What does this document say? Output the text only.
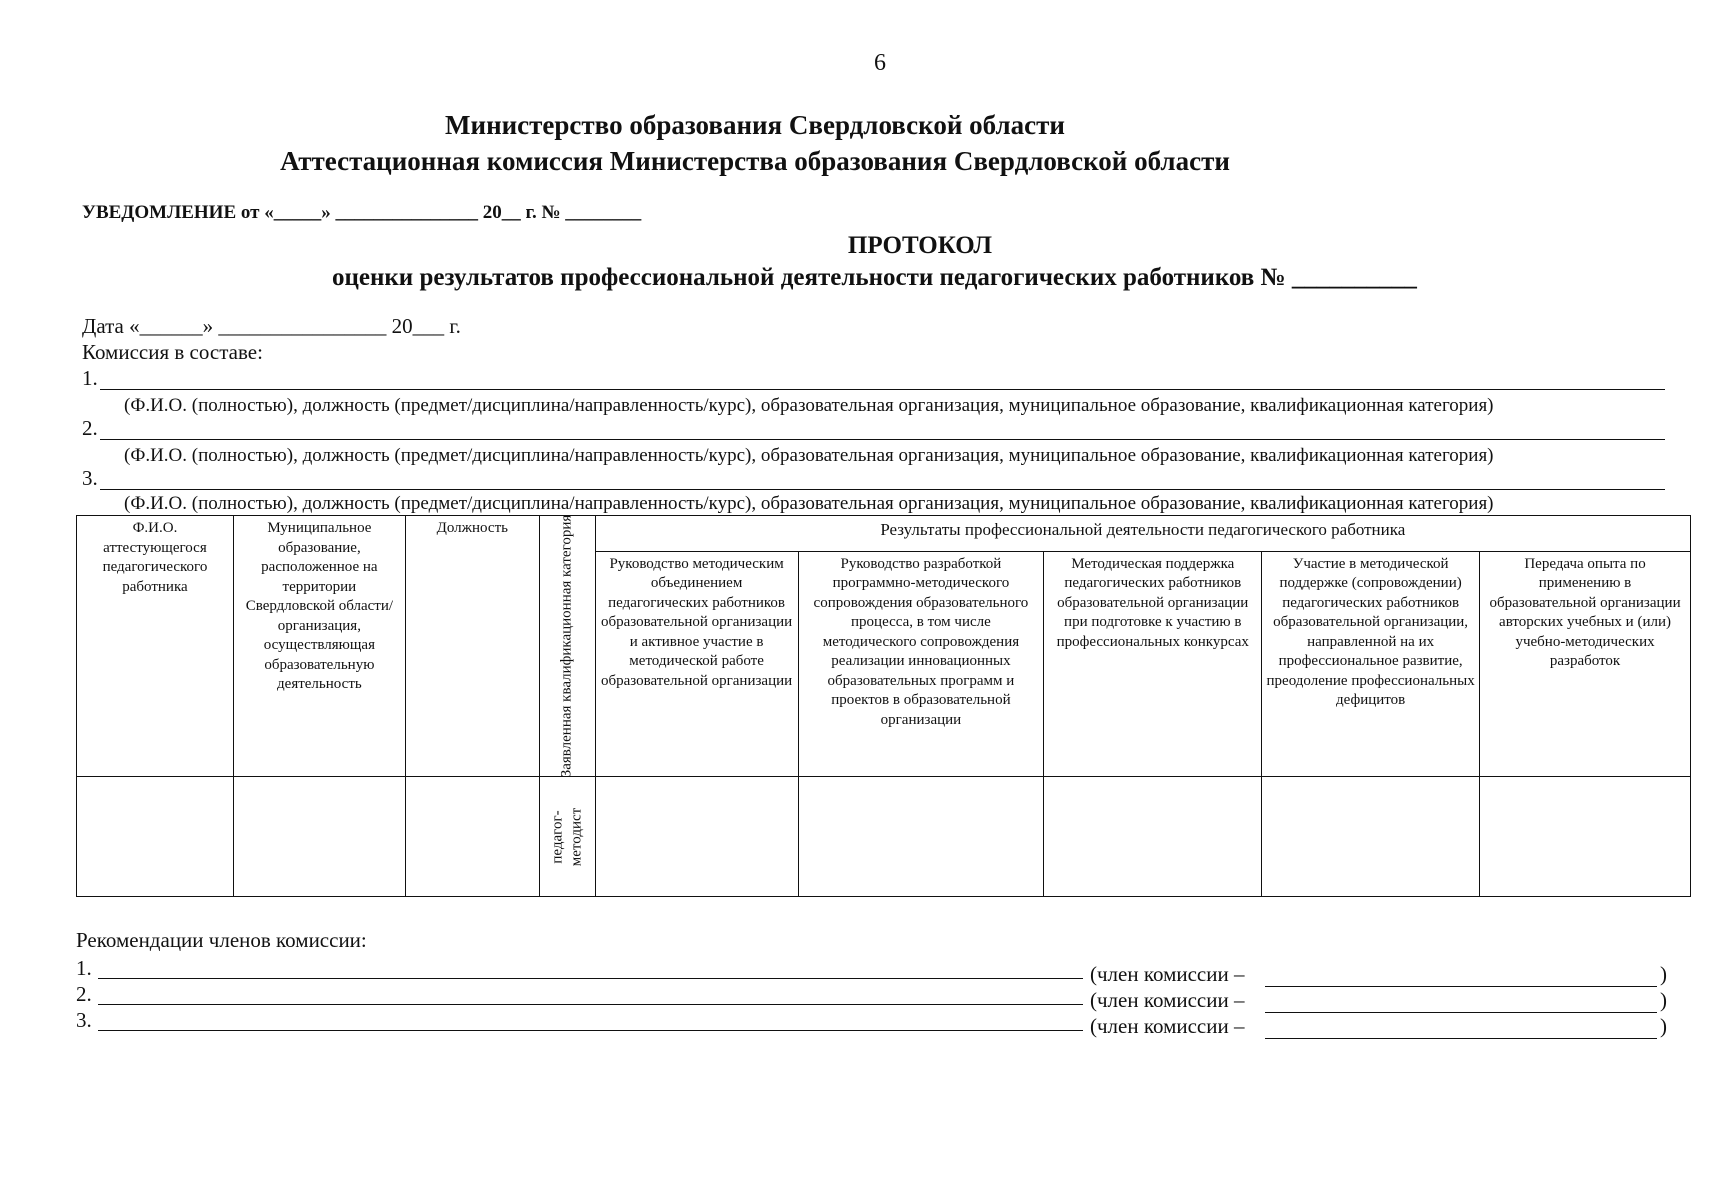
6
Министерство образования Свердловской области
Аттестационная комиссия Министерства образования Свердловской области
УВЕДОМЛЕНИЕ от «_____» _______________ 20__ г. № ________
ПРОТОКОЛ
оценки результатов профессиональной деятельности педагогических работников № __________
Дата «______» ________________ 20___ г.
Комиссия в составе:
1.
(Ф.И.О. (полностью), должность (предмет/дисциплина/направленность/курс), образовательная организация, муниципальное образование, квалификационная категория)
2.
(Ф.И.О. (полностью), должность (предмет/дисциплина/направленность/курс), образовательная организация, муниципальное образование, квалификационная категория)
3.
(Ф.И.О. (полностью), должность (предмет/дисциплина/направленность/курс), образовательная организация, муниципальное образование, квалификационная категория)
Ф.И.О. аттестующегося педагогического работника	Муниципальное образование, расположенное на территории Свердловской области/ организация, осуществляющая образовательную деятельность	Должность	Заявленная квалификационная категория	Результаты профессиональной деятельности педагогического работника				
				Руководство методическим объединением педагогических работников образовательной организации и активное участие в методической работе образовательной организации	Руководство разработкой программно-методического сопровождения образовательного процесса, в том числе методического сопровождения реализации инновационных образовательных программ и проектов в образовательной организации	Методическая поддержка педагогических работников образовательной организации при подготовке к участию в профессиональных конкурсах	Участие в методической поддержке (сопровождении) педагогических работников образовательной организации, направленной на их профессиональное развитие, преодоление профессиональных дефицитов	Передача опыта по применению в образовательной организации авторских учебных и (или) учебно-методических разработок

			педагог-методист					

Рекомендации членов комиссии:
1.	(член комиссии –	)
2.	(член комиссии –	)
3.	(член комиссии –	)
